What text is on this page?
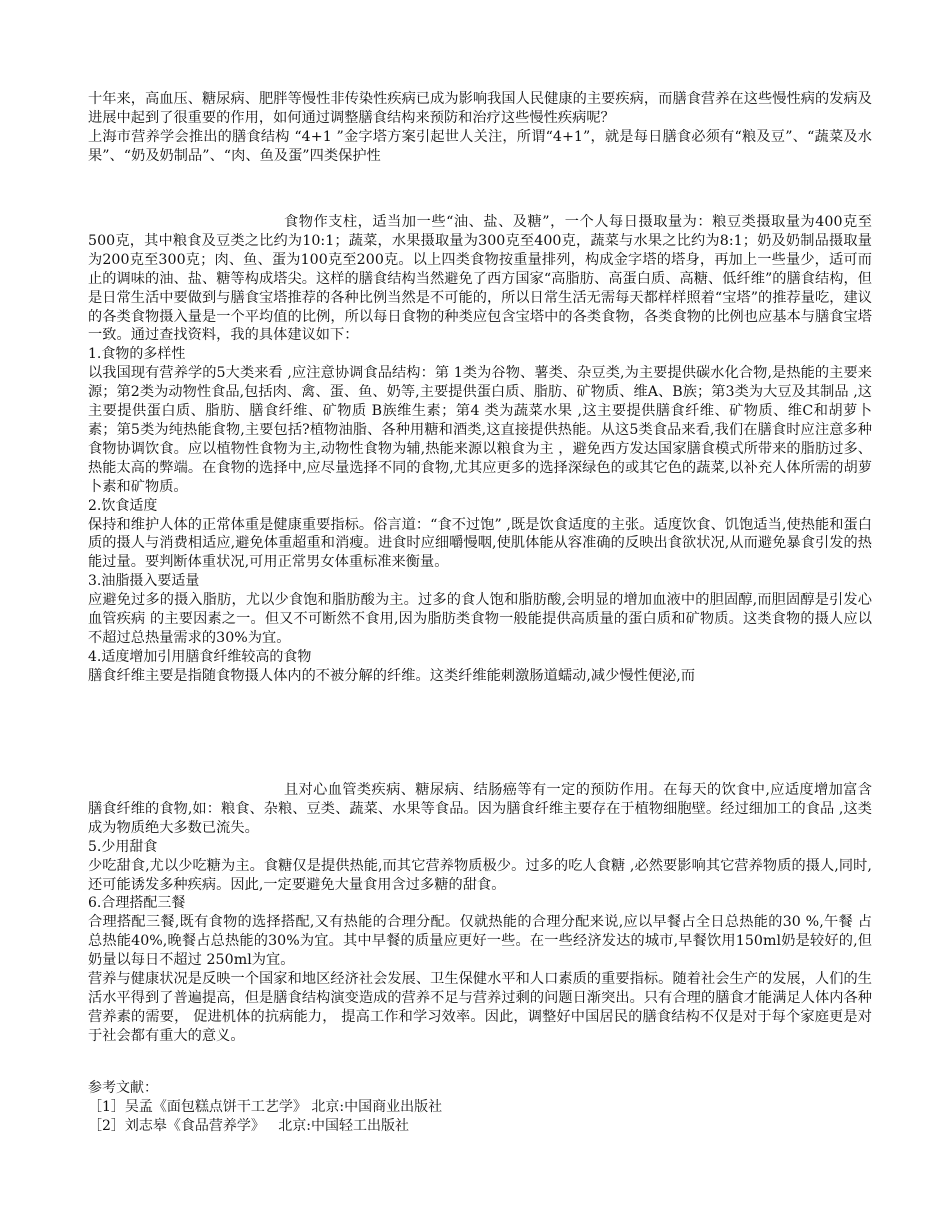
十年来，高血压、糖尿病、肥胖等慢性非传染性疾病已成为影响我国人民健康的主要疾病，而膳食营养在这些慢性病的发病及进展中起到了很重要的作用，如何通过调整膳食结构来预防和治疗这些慢性疾病呢？

上海市营养学会推出的膳食结构 “4+1 ”金字塔方案引起世人关注，所谓“4+1”，就是每日膳食必须有“粮及豆”、“蔬菜及水果”、“奶及奶制品”、“肉、鱼及蛋”四类保护性

食物作支柱，适当加一些“油、盐、及糖”，一个人每日摄取量为：粮豆类摄取量为400克至500克，其中粮食及豆类之比约为10:1；蔬菜，水果摄取量为300克至400克，蔬菜与水果之比约为8:1；奶及奶制品摄取量为200克至300克；肉、鱼、蛋为100克至200克。以上四类食物按重量排列，构成金字塔的塔身，再加上一些量少，适可而止的调味的油、盐、糖等构成塔尖。这样的膳食结构当然避免了西方国家“高脂肪、高蛋白质、高糖、低纤维”的膳食结构，但是日常生活中要做到与膳食宝塔推荐的各种比例当然是不可能的，所以日常生活无需每天都样样照着“宝塔”的推荐量吃，建议的各类食物摄入量是一个平均值的比例，所以每日食物的种类应包含宝塔中的各类食物，各类食物的比例也应基本与膳食宝塔一致。通过查找资料，我的具体建议如下：

1.食物的多样性

以我国现有营养学的5大类来看 ,应注意协调食品结构：第 1类为谷物、薯类、杂豆类,为主要提供碳水化合物,是热能的主要来源；第2类为动物性食品,包括肉、禽、蛋、鱼、奶等,主要提供蛋白质、脂肪、矿物质、维A、B族；第3类为大豆及其制品 ,这主要提供蛋白质、脂肪、膳食纤维、矿物质 B族维生素；第4 类为蔬菜水果 ,这主要提供膳食纤维、矿物质、维C和胡萝卜素；第5类为纯热能食物,主要包括?植物油脂、各种用糖和酒类,这直接提供热能。从这5类食品来看,我们在膳食时应注意多种食物协调饮食。应以植物性食物为主,动物性食物为辅,热能来源以粮食为主 ，避免西方发达国家膳食模式所带来的脂肪过多、热能太高的弊端。在食物的选择中,应尽量选择不同的食物,尤其应更多的选择深绿色的或其它色的蔬菜,以补充人体所需的胡萝卜素和矿物质。

2.饮食适度

保持和维护人体的正常体重是健康重要指标。俗言道：“食不过饱” ,既是饮食适度的主张。适度饮食、饥饱适当,使热能和蛋白质的摄人与消费相适应,避免体重超重和消瘦。进食时应细嚼慢咽,使肌体能从容准确的反映出食欲状况,从而避免暴食引发的热能过量。要判断体重状况,可用正常男女体重标准来衡量。

3.油脂摄入要适量

应避免过多的摄入脂肪，尤以少食饱和脂肪酸为主。过多的食人饱和脂肪酸,会明显的增加血液中的胆固醇,而胆固醇是引发心血管疾病 的主要因素之一。但又不可断然不食用,因为脂肪类食物一般能提供高质量的蛋白质和矿物质。这类食物的摄人应以不超过总热量需求的30%为宜。

4.适度增加引用膳食纤维较高的食物

膳食纤维主要是指随食物摄人体内的不被分解的纤维。这类纤维能刺激肠道蠕动,减少慢性便泌,而

且对心血管类疾病、糖尿病、结肠癌等有一定的预防作用。在每天的饮食中,应适度增加富含膳食纤维的食物,如：粮食、杂粮、豆类、蔬菜、水果等食品。因为膳食纤维主要存在于植物细胞壁。经过细加工的食品 ,这类成为物质绝大多数已流失。

5.少用甜食

少吃甜食,尤以少吃糖为主。食糖仅是提供热能,而其它营养物质极少。过多的吃人食糖 ,必然要影响其它营养物质的摄人,同时,还可能诱发多种疾病。因此,一定要避免大量食用含过多糖的甜食。

6.合理搭配三餐

合理搭配三餐,既有食物的选择搭配,又有热能的合理分配。仅就热能的合理分配来说,应以早餐占全日总热能的30 %,午餐 占总热能40%,晚餐占总热能的30%为宜。其中早餐的质量应更好一些。在一些经济发达的城市,早餐饮用150ml奶是较好的,但奶量以每日不超过 250ml为宜。

营养与健康状况是反映一个国家和地区经济社会发展、卫生保健水平和人口素质的重要指标。随着社会生产的发展，人们的生活水平得到了普遍提高，但是膳食结构演变造成的营养不足与营养过剩的问题日渐突出。只有合理的膳食才能满足人体内各种营养素的需要， 促进机体的抗病能力， 提高工作和学习效率。因此，调整好中国居民的膳食结构不仅是对于每个家庭更是对于社会都有重大的意义。

参考文献：

［1］吴孟《面包糕点饼干工艺学》 北京:中国商业出版社

［2］刘志皋《食品营养学》   北京:中国轻工出版社
